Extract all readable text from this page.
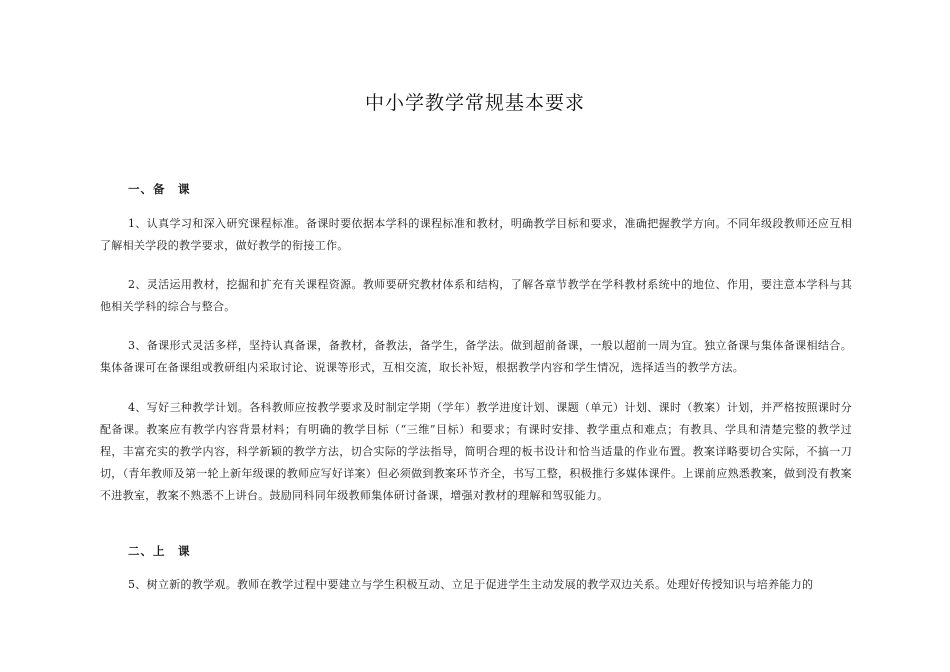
中小学教学常规基本要求
一、备　课

1、认真学习和深入研究课程标准。备课时要依据本学科的课程标准和教材，明确教学目标和要求，准确把握教学方向。不同年级段教师还应互相了解相关学段的教学要求，做好教学的衔接工作。

2、灵活运用教材，挖掘和扩充有关课程资源。教师要研究教材体系和结构，了解各章节教学在学科教材系统中的地位、作用，要注意本学科与其他相关学科的综合与整合。

3、备课形式灵活多样，坚持认真备课，备教材，备教法，备学生，备学法。做到超前备课，一般以超前一周为宜。独立备课与集体备课相结合。集体备课可在备课组或教研组内采取讨论、说课等形式，互相交流，取长补短，根据教学内容和学生情况，选择适当的教学方法。

4、写好三种教学计划。各科教师应按教学要求及时制定学期（学年）教学进度计划、课题（单元）计划、课时（教案）计划，并严格按照课时分配备课。教案应有教学内容背景材料；有明确的教学目标（“三维”目标）和要求；有课时安排、教学重点和难点；有教具、学具和清楚完整的教学过程，丰富充实的教学内容，科学新颖的教学方法，切合实际的学法指导，简明合理的板书设计和恰当适量的作业布置。教案详略要切合实际，不搞一刀切，（青年教师及第一轮上新年级课的教师应写好详案）但必须做到教案环节齐全，书写工整，积极推行多媒体课件。上课前应熟悉教案，做到没有教案不进教室，教案不熟悉不上讲台。鼓励同科同年级教师集体研讨备课，增强对教材的理解和驾驭能力。

二、上　课

5、树立新的教学观。教师在教学过程中要建立与学生积极互动、立足于促进学生主动发展的教学双边关系。处理好传授知识与培养能力的
